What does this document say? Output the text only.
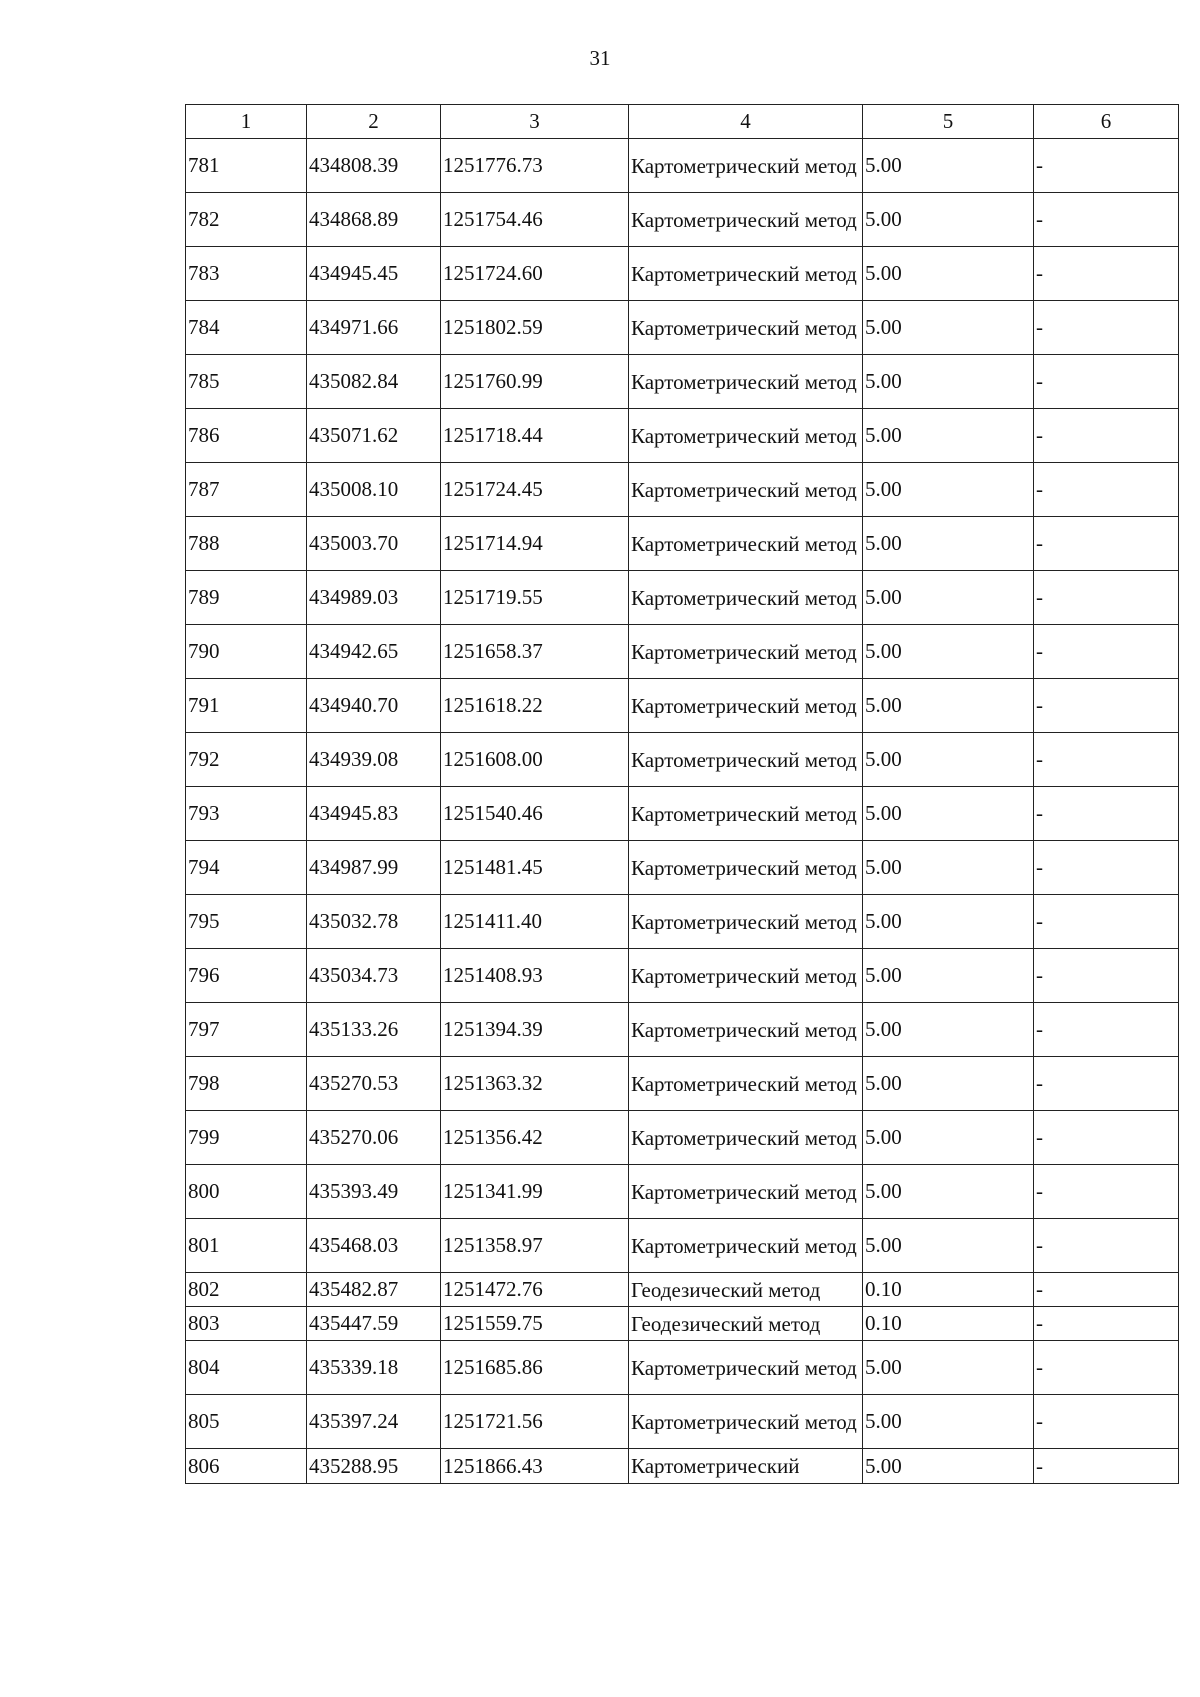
31
1	2	3	4	5	6
781	434808.39	1251776.73	Картометрический метод	5.00	-
782	434868.89	1251754.46	Картометрический метод	5.00	-
783	434945.45	1251724.60	Картометрический метод	5.00	-
784	434971.66	1251802.59	Картометрический метод	5.00	-
785	435082.84	1251760.99	Картометрический метод	5.00	-
786	435071.62	1251718.44	Картометрический метод	5.00	-
787	435008.10	1251724.45	Картометрический метод	5.00	-
788	435003.70	1251714.94	Картометрический метод	5.00	-
789	434989.03	1251719.55	Картометрический метод	5.00	-
790	434942.65	1251658.37	Картометрический метод	5.00	-
791	434940.70	1251618.22	Картометрический метод	5.00	-
792	434939.08	1251608.00	Картометрический метод	5.00	-
793	434945.83	1251540.46	Картометрический метод	5.00	-
794	434987.99	1251481.45	Картометрический метод	5.00	-
795	435032.78	1251411.40	Картометрический метод	5.00	-
796	435034.73	1251408.93	Картометрический метод	5.00	-
797	435133.26	1251394.39	Картометрический метод	5.00	-
798	435270.53	1251363.32	Картометрический метод	5.00	-
799	435270.06	1251356.42	Картометрический метод	5.00	-
800	435393.49	1251341.99	Картометрический метод	5.00	-
801	435468.03	1251358.97	Картометрический метод	5.00	-
802	435482.87	1251472.76	Геодезический метод	0.10	-
803	435447.59	1251559.75	Геодезический метод	0.10	-
804	435339.18	1251685.86	Картометрический метод	5.00	-
805	435397.24	1251721.56	Картометрический метод	5.00	-
806	435288.95	1251866.43	Картометрический	5.00	-
